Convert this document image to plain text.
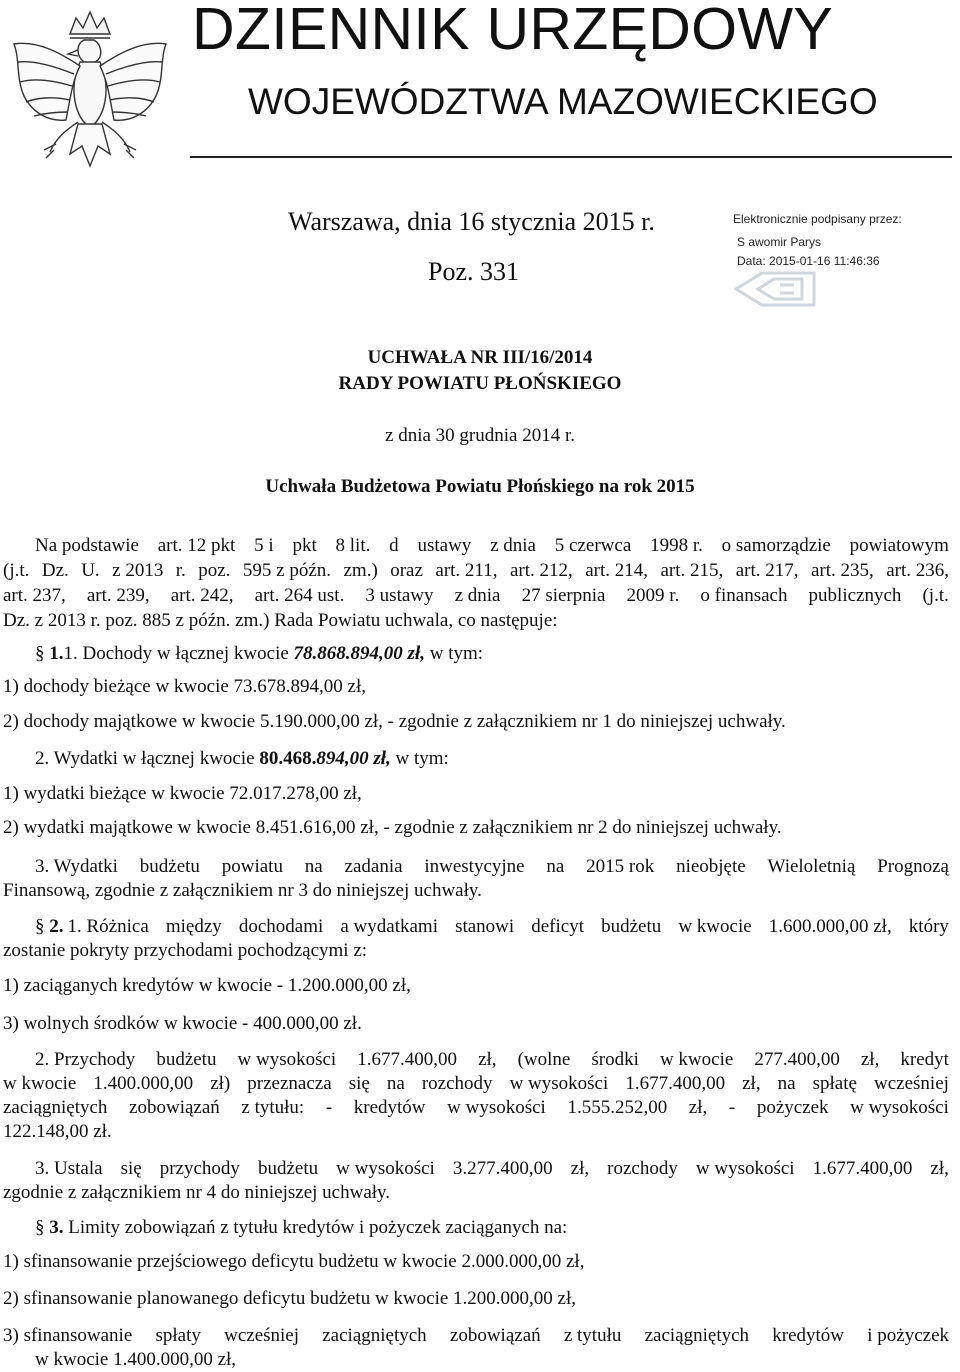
DZIENNIK URZĘDOWY
WOJEWÓDZTWA MAZOWIECKIEGO
Warszawa, dnia 16 stycznia 2015 r.
Poz. 331
Elektronicznie podpisany przez:
S awomir Parys
Data: 2015-01-16 11:46:36
UCHWAŁA NR III/16/2014
RADY POWIATU PŁOŃSKIEGO
z dnia 30 grudnia 2014 r.
Uchwała Budżetowa Powiatu Płońskiego na rok 2015
Na podstawie art. 12 pkt 5 i pkt 8 lit. d ustawy z dnia 5 czerwca 1998 r. o samorządzie powiatowym
(j.t. Dz. U. z 2013 r. poz. 595 z późn. zm.) oraz art. 211, art. 212, art. 214, art. 215, art. 217, art. 235, art. 236,
art. 237, art. 239, art. 242, art. 264 ust. 3 ustawy z dnia 27 sierpnia 2009 r. o finansach publicznych (j.t.
Dz. z 2013 r. poz. 885 z późn. zm.) Rada Powiatu uchwala, co następuje:
§ 1.1. Dochody w łącznej kwocie 78.868.894,00 zł, w tym:
1) dochody bieżące w kwocie 73.678.894,00 zł,
2) dochody majątkowe w kwocie 5.190.000,00 zł, - zgodnie z załącznikiem nr 1 do niniejszej uchwały.
2. Wydatki w łącznej kwocie 80.468.894,00 zł, w tym:
1) wydatki bieżące w kwocie 72.017.278,00 zł,
2) wydatki majątkowe w kwocie 8.451.616,00 zł, - zgodnie z załącznikiem nr 2 do niniejszej uchwały.
3. Wydatki budżetu powiatu na zadania inwestycyjne na 2015 rok nieobjęte Wieloletnią Prognozą
Finansową, zgodnie z załącznikiem nr 3 do niniejszej uchwały.
§ 2. 1. Różnica między dochodami a wydatkami stanowi deficyt budżetu w kwocie 1.600.000,00 zł, który
zostanie pokryty przychodami pochodzącymi z:
1) zaciąganych kredytów w kwocie - 1.200.000,00 zł,
3) wolnych środków w kwocie - 400.000,00 zł.
2. Przychody budżetu w wysokości 1.677.400,00 zł, (wolne środki w kwocie 277.400,00 zł, kredyt
w kwocie 1.400.000,00 zł) przeznacza się na rozchody w wysokości 1.677.400,00 zł, na spłatę wcześniej
zaciągniętych zobowiązań z tytułu: - kredytów w wysokości 1.555.252,00 zł, - pożyczek w wysokości
122.148,00 zł.
3. Ustala się przychody budżetu w wysokości 3.277.400,00 zł, rozchody w wysokości 1.677.400,00 zł,
zgodnie z załącznikiem nr 4 do niniejszej uchwały.
§ 3. Limity zobowiązań z tytułu kredytów i pożyczek zaciąganych na:
1) sfinansowanie przejściowego deficytu budżetu w kwocie 2.000.000,00 zł,
2) sfinansowanie planowanego deficytu budżetu w kwocie 1.200.000,00 zł,
3) sfinansowanie spłaty wcześniej zaciągniętych zobowiązań z tytułu zaciągniętych kredytów i pożyczek
w kwocie 1.400.000,00 zł,
